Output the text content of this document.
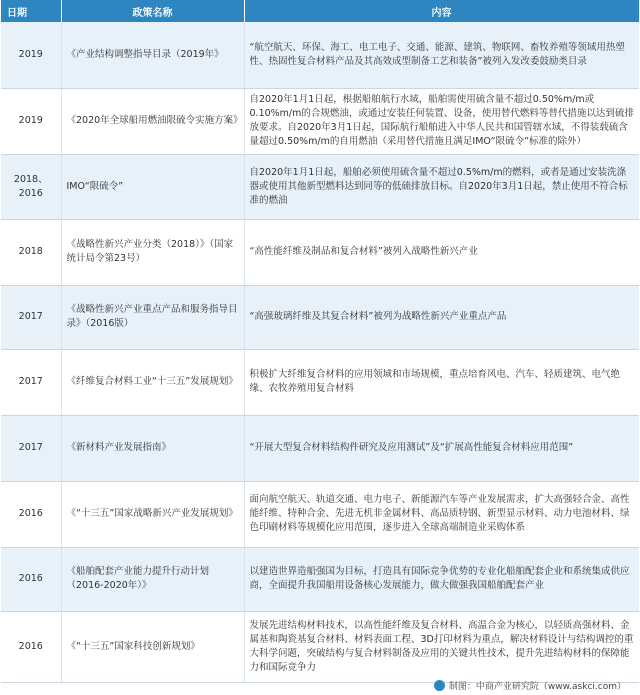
日期	政策名称	内容
2019	《产业结构调整指导目录（2019年》	“航空航天、环保、海工、电工电子、交通、能源、建筑、物联网、畜牧养殖等领域用热塑性、热固性复合材料产品及其高效成型制备工艺和装备”被列入发改委鼓励类目录
2019	《2020年全球船用燃油限硫令实施方案》	自2020年1月1日起，根据船舶航行水域，船舶需使用硫含量不超过0.50%m/m或0.10%m/m的合规燃油，或通过安装任何装置、设备，使用替代燃料等替代措施以达到硫排放要求。自2020年3月1日起，国际航行船舶进入中华人民共和国管辖水域，不得装载硫含量超过0.50%m/m的自用燃油（采用替代措施且满足IMO“限硫令”标准的除外）
2018、2016	IMO“限硫令”	自2020年1月1日起，船舶必须使用硫含量不超过0.5%m/m的燃料，或者是通过安装洗涤器或使用其他新型燃料达到同等的低硫排放目标。自2020年3月1日起，禁止使用不符合标准的燃油
2018	《战略性新兴产业分类（2018）》（国家统计局令第23号）	“高性能纤维及制品和复合材料”被列入战略性新兴产业
2017	《战略性新兴产业重点产品和服务指导目录》（2016版）	“高强玻璃纤维及其复合材料”被列为战略性新兴产业重点产品
2017	《纤维复合材料工业“十三五”发展规划》	积极扩大纤维复合材料的应用领域和市场规模，重点培育风电、汽车、轻质建筑、电气绝缘、农牧养殖用复合材料
2017	《新材料产业发展指南》	“开展大型复合材料结构件研究及应用测试”及“扩展高性能复合材料应用范围”
2016	《“十三五”国家战略新兴产业发展规划》	面向航空航天、轨道交通、电力电子、新能源汽车等产业发展需求，扩大高强轻合金、高性能纤维、特种合金、先进无机非金属材料、高品质特钢、新型显示材料、动力电池材料、绿色印刷材料等规模化应用范围，逐步进入全球高端制造业采购体系
2016	《船舶配套产业能力提升行动计划（2016-2020年）》	以建造世界造船强国为目标，打造具有国际竞争优势的专业化船舶配套企业和系统集成供应商，全面提升我国船用设备核心发展能力，做大做强我国船舶配套产业
2016	《“十三五”国家科技创新规划》	发展先进结构材料技术，以高性能纤维及复合材料、高温合金为核心，以轻质高强材料、金属基和陶瓷基复合材料、材料表面工程、3D打印材料为重点，解决材料设计与结构调控的重大科学问题，突破结构与复合材料制备及应用的关键共性技术，提升先进结构材料的保障能力和国际竞争力
制图：中商产业研究院（www.askci.com）
